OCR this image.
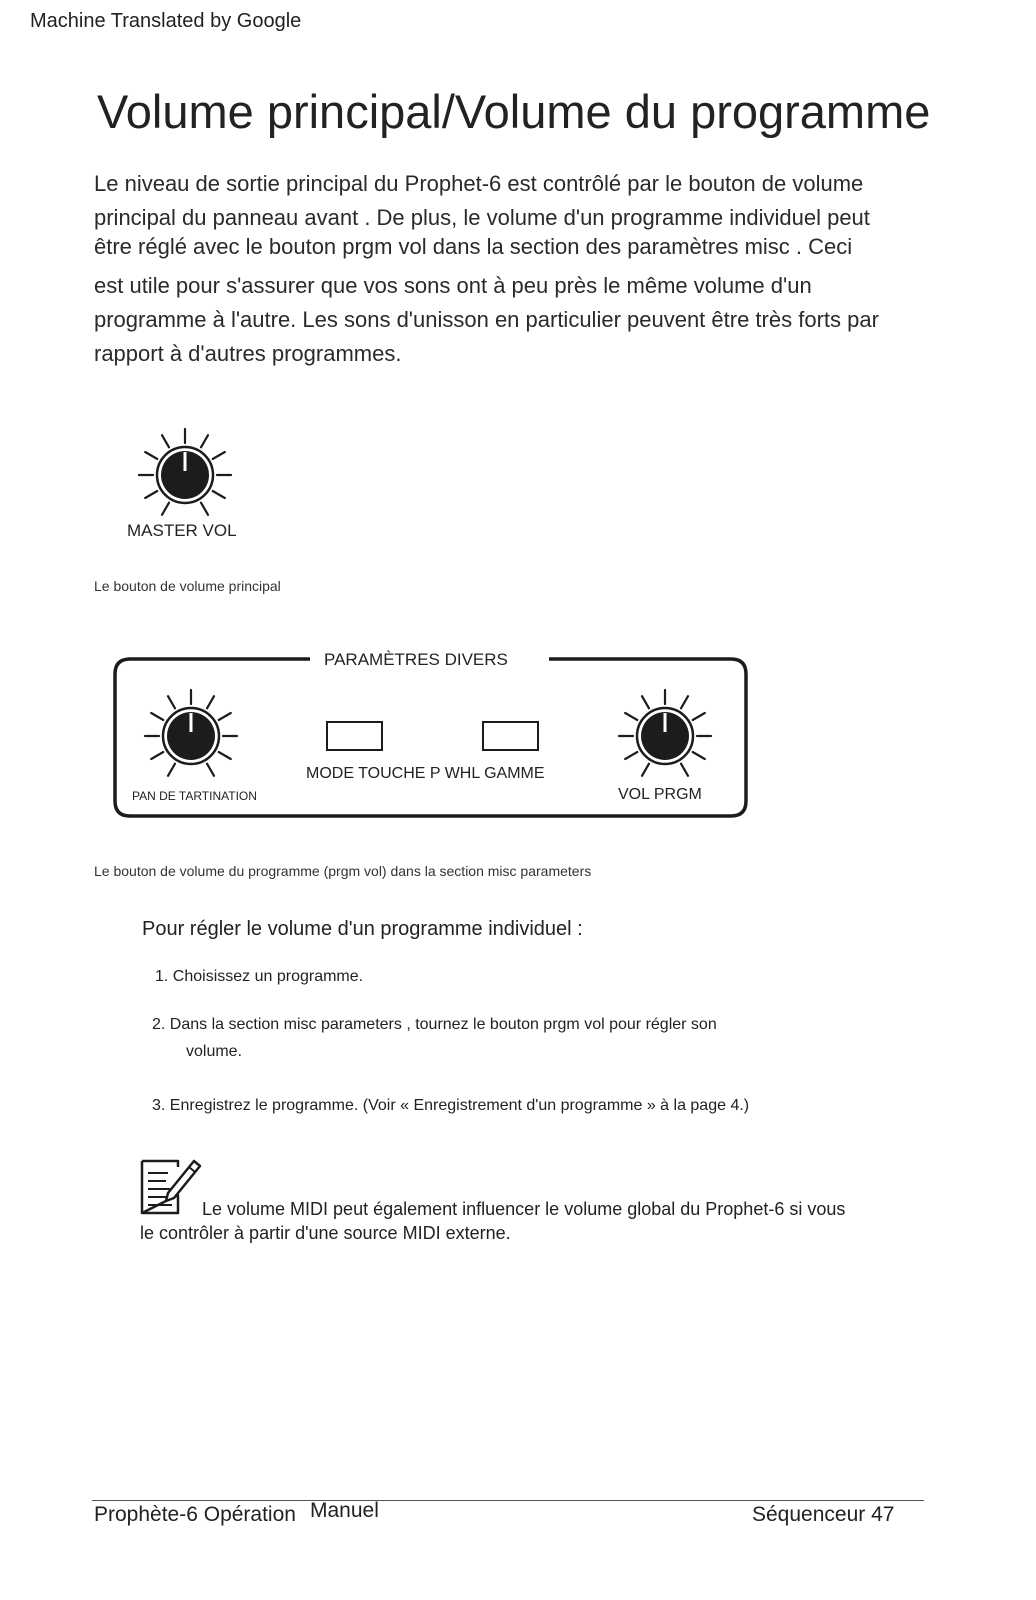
Machine Translated by Google
Volume principal/Volume du programme
Le niveau de sortie principal du Prophet-6 est contrôlé par le bouton de volume
principal du panneau avant . De plus, le volume d'un programme individuel peut
être réglé avec le bouton prgm vol dans la section des paramètres misc . Ceci
est utile pour s'assurer que vos sons ont à peu près le même volume d'un
programme à l'autre. Les sons d'unisson en particulier peuvent être très forts par
rapport à d'autres programmes.
MASTER VOL
Le bouton de volume principal
PARAMÈTRES DIVERS
PAN DE TARTINATION
MODE TOUCHE P WHL GAMME
VOL PRGM
Le bouton de volume du programme (prgm vol) dans la section misc parameters
Pour régler le volume d'un programme individuel :
1. Choisissez un programme.
2. Dans la section misc parameters , tournez le bouton prgm vol pour régler son
volume.
3. Enregistrez le programme. (Voir « Enregistrement d'un programme » à la page 4.)
Le volume MIDI peut également influencer le volume global du Prophet-6 si vous
le contrôler à partir d'une source MIDI externe.
Prophète-6 Opération Manuel	Séquenceur 47
